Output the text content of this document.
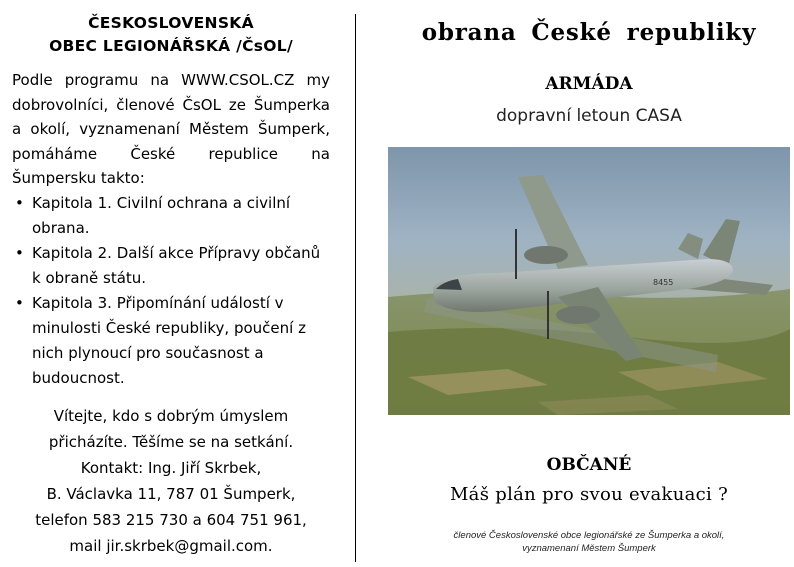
ČESKOSLOVENSKÁ
OBEC LEGIONÁŘSKÁ /ČsOL/

Podle programu na WWW.CSOL.CZ my dobrovolníci, členové ČsOL ze Šumperka a okolí, vyznamenaní Městem Šumperk, pomáháme České republice na Šumpersku takto:

• Kapitola 1. Civilní ochrana a civilní obrana.
• Kapitola 2. Další akce Přípravy občanů k obraně státu.
• Kapitola 3. Připomínání událostí v minulosti České republiky, poučení z nich plynoucí pro současnost a budoucnost.
Vítejte, kdo s dobrým úmyslem
přicházíte. Těšíme se na setkání.
Kontakt: Ing. Jiří Skrbek,
B. Václavka 11, 787 01 Šumperk,
telefon 583 215 730 a 604 751 961,
mail jir.skrbek@gmail.com.
obrana České republiky
ARMÁDA
dopravní letoun CASA
8455
OBČANÉ
Máš plán pro svou evakuaci ?
členové Československé obce legionářské ze Šumperka a okolí,
vyznamenaní Městem Šumperk
